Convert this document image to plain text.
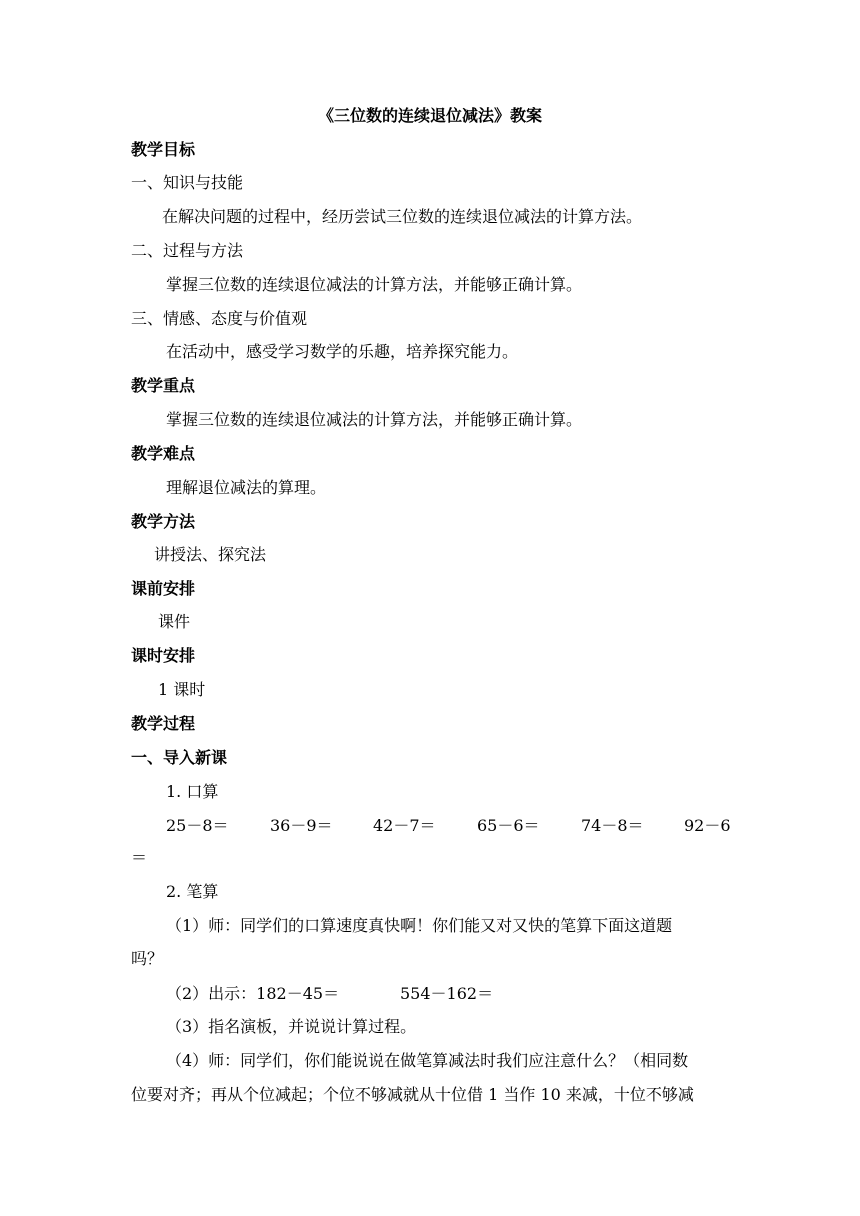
《三位数的连续退位减法》教案
教学目标
一、知识与技能
在解决问题的过程中，经历尝试三位数的连续退位减法的计算方法。
二、过程与方法
掌握三位数的连续退位减法的计算方法，并能够正确计算。
三、情感、态度与价值观
在活动中，感受学习数学的乐趣，培养探究能力。
教学重点
掌握三位数的连续退位减法的计算方法，并能够正确计算。
教学难点
理解退位减法的算理。
教学方法
讲授法、探究法
课前安排
课件
课时安排
1 课时
教学过程
一、导入新课
1. 口算
25－8＝	36－9＝	42－7＝	65－6＝	74－8＝	92－6
＝
2. 笔算
（1）师：同学们的口算速度真快啊！你们能又对又快的笔算下面这道题
吗？
（2）出示：182－45＝	554－162＝
（3）指名演板，并说说计算过程。
（4）师：同学们，你们能说说在做笔算减法时我们应注意什么？（相同数
位要对齐；再从个位减起；个位不够减就从十位借 1 当作 10 来减，十位不够减
